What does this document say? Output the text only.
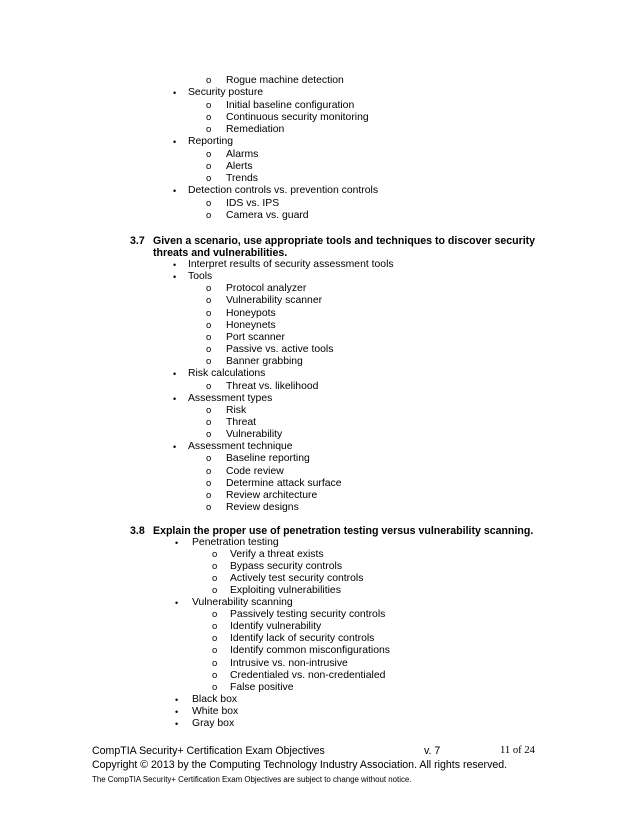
o Rogue machine detection
• Security posture
o Initial baseline configuration
o Continuous security monitoring
o Remediation
• Reporting
o Alarms
o Alerts
o Trends
• Detection controls vs. prevention controls
o IDS vs. IPS
o Camera vs. guard
3.7 Given a scenario, use appropriate tools and techniques to discover security
threats and vulnerabilities.
• Interpret results of security assessment tools
• Tools
o Protocol analyzer
o Vulnerability scanner
o Honeypots
o Honeynets
o Port scanner
o Passive vs. active tools
o Banner grabbing
• Risk calculations
o Threat vs. likelihood
• Assessment types
o Risk
o Threat
o Vulnerability
• Assessment technique
o Baseline reporting
o Code review
o Determine attack surface
o Review architecture
o Review designs
3.8 Explain the proper use of penetration testing versus vulnerability scanning.
• Penetration testing
o Verify a threat exists
o Bypass security controls
o Actively test security controls
o Exploiting vulnerabilities
• Vulnerability scanning
o Passively testing security controls
o Identify vulnerability
o Identify lack of security controls
o Identify common misconfigurations
o Intrusive vs. non-intrusive
o Credentialed vs. non-credentialed
o False positive
• Black box
• White box
• Gray box
CompTIA Security+ Certification Exam Objectives	v. 7	11 of 24
Copyright © 2013 by the Computing Technology Industry Association. All rights reserved.
The CompTIA Security+ Certification Exam Objectives are subject to change without notice.
